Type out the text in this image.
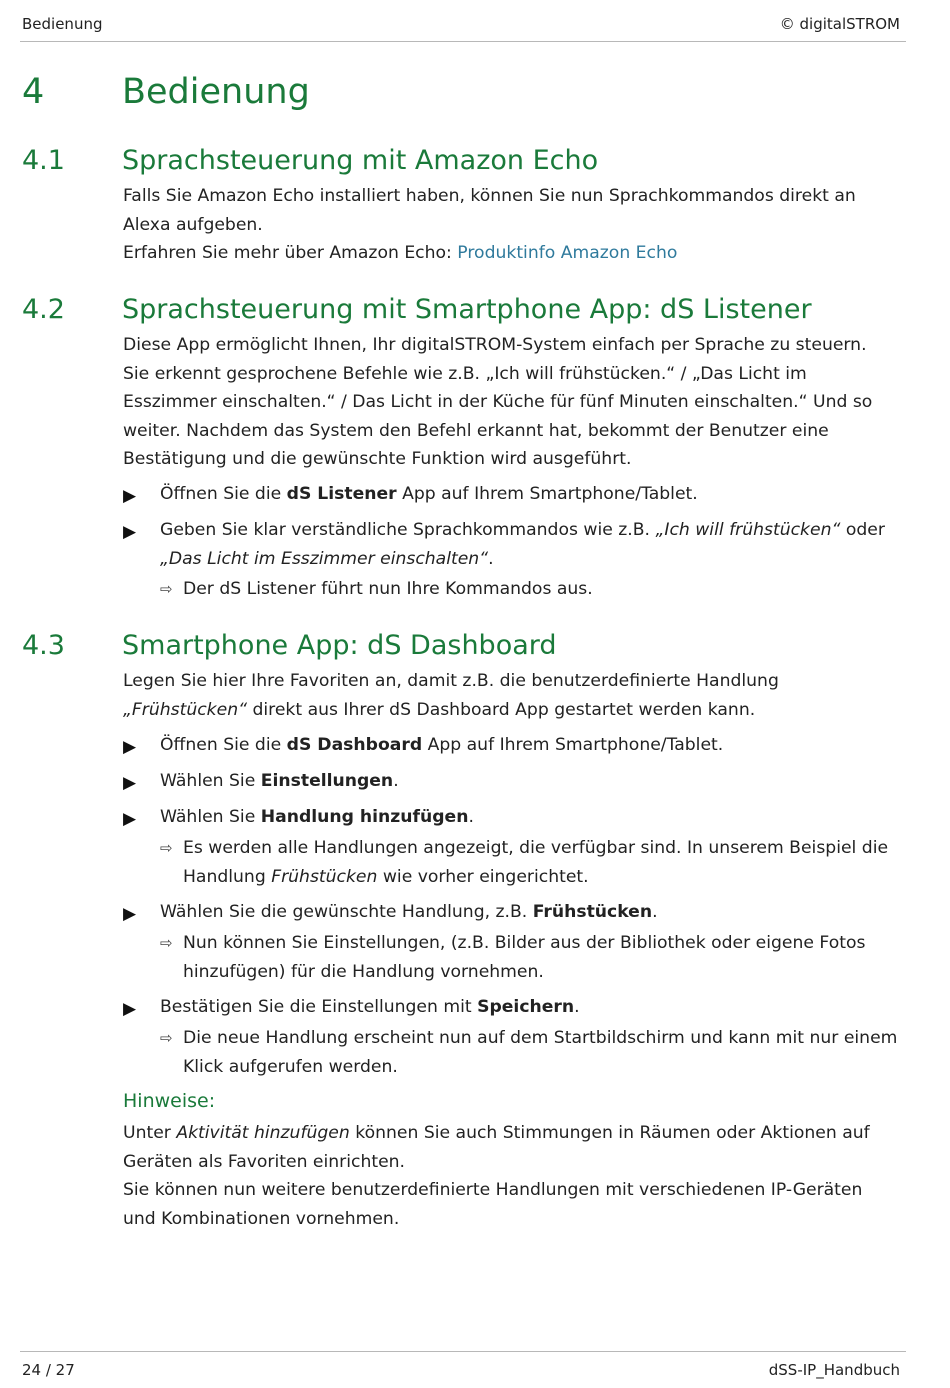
Bedienung	© digitalSTROM
4 Bedienung
4.1 Sprachsteuerung mit Amazon Echo

Falls Sie Amazon Echo installiert haben, können Sie nun Sprachkommandos direkt an Alexa aufgeben.

Erfahren Sie mehr über Amazon Echo: Produktinfo Amazon Echo

4.2 Sprachsteuerung mit Smartphone App: dS Listener

Diese App ermöglicht Ihnen, Ihr digitalSTROM-System einfach per Sprache zu steuern. Sie erkennt gesprochene Befehle wie z.B. „Ich will frühstücken.“ / „Das Licht im Esszimmer einschalten.“ / Das Licht in der Küche für fünf Minuten einschalten.“ Und so weiter. Nachdem das System den Befehl erkannt hat, bekommt der Benutzer eine Bestätigung und die gewünschte Funktion wird ausgeführt.

▶ Öffnen Sie die dS Listener App auf Ihrem Smartphone/Tablet.
▶ Geben Sie klar verständliche Sprachkommandos wie z.B. „Ich will frühstücken“ oder „Das Licht im Esszimmer einschalten“.
⇨ Der dS Listener führt nun Ihre Kommandos aus.
4.3 Smartphone App: dS Dashboard

Legen Sie hier Ihre Favoriten an, damit z.B. die benutzerdefinierte Handlung „Frühstücken“ direkt aus Ihrer dS Dashboard App gestartet werden kann.

▶ Öffnen Sie die dS Dashboard App auf Ihrem Smartphone/Tablet.
▶ Wählen Sie Einstellungen.
▶ Wählen Sie Handlung hinzufügen.
⇨ Es werden alle Handlungen angezeigt, die verfügbar sind. In unserem Beispiel die Handlung Frühstücken wie vorher eingerichtet.
▶ Wählen Sie die gewünschte Handlung, z.B. Frühstücken.
⇨ Nun können Sie Einstellungen, (z.B. Bilder aus der Bibliothek oder eigene Fotos hinzufügen) für die Handlung vornehmen.
▶ Bestätigen Sie die Einstellungen mit Speichern.
⇨ Die neue Handlung erscheint nun auf dem Startbildschirm und kann mit nur einem Klick aufgerufen werden.
Hinweise:

Unter Aktivität hinzufügen können Sie auch Stimmungen in Räumen oder Aktionen auf Geräten als Favoriten einrichten.

Sie können nun weitere benutzerdefinierte Handlungen mit verschiedenen IP-Geräten und Kombinationen vornehmen.

24 / 27	dSS-IP_Handbuch
